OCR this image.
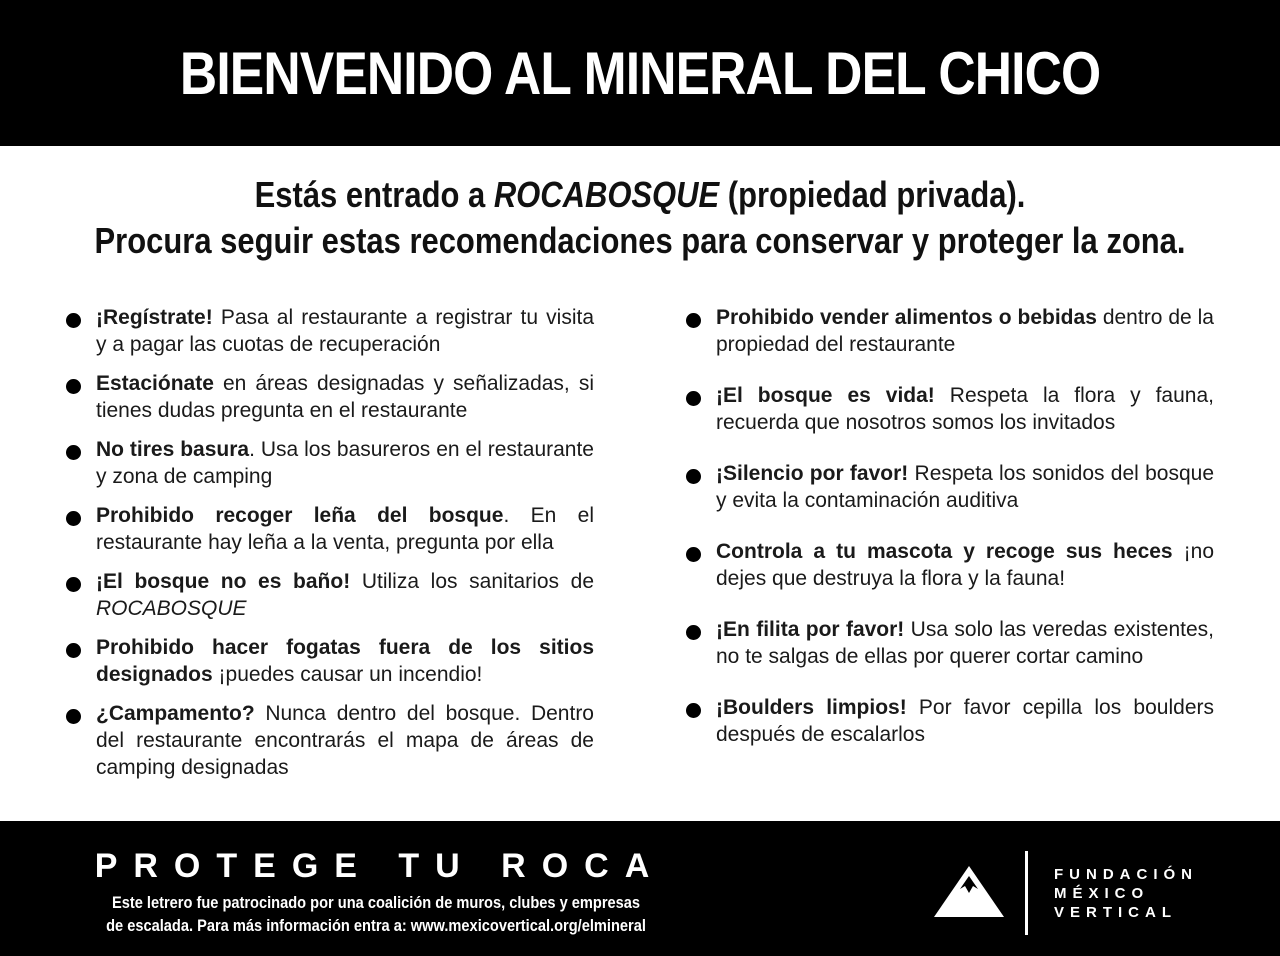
BIENVENIDO AL MINERAL DEL CHICO
Estás entrado a ROCABOSQUE (propiedad privada).
Procura seguir estas recomendaciones para conservar y proteger la zona.
¡Regístrate! Pasa al restaurante a registrar tu visita y a pagar las cuotas de recuperación
Estaciónate en áreas designadas y señalizadas, si tienes dudas pregunta en el restaurante
No tires basura. Usa los basureros en el restaurante y zona de camping
Prohibido recoger leña del bosque. En el restaurante hay leña a la venta, pregunta por ella
¡El bosque no es baño! Utiliza los sanitarios de ROCABOSQUE
Prohibido hacer fogatas fuera de los sitios designados ¡puedes causar un incendio!
¿Campamento? Nunca dentro del bosque. Dentro del restaurante encontrarás el mapa de áreas de camping designadas
Prohibido vender alimentos o bebidas dentro de la propiedad del restaurante
¡El bosque es vida! Respeta la flora y fauna, recuerda que nosotros somos los invitados
¡Silencio por favor! Respeta los sonidos del bosque y evita la contaminación auditiva
Controla a tu mascota y recoge sus heces ¡no dejes que destruya la flora y la fauna!
¡En filita por favor! Usa solo las veredas existentes, no te salgas de ellas por querer cortar camino
¡Boulders limpios! Por favor cepilla los boulders después de escalarlos
PROTEGE TU ROCA
Este letrero fue patrocinado por una coalición de muros, clubes y empresas
de escalada. Para más información entra a: www.mexicovertical.org/elmineral
FUNDACIÓN
MÉXICO
VERTICAL
